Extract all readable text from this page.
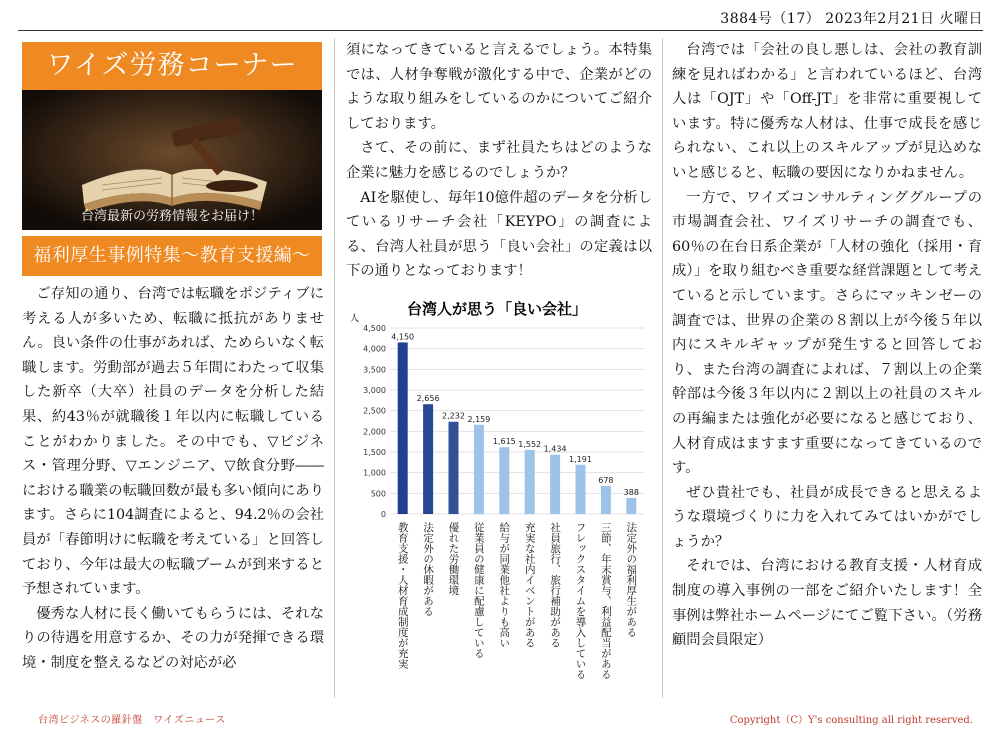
3884号（17） 2023年2月21日 火曜日
ワイズ労務コーナー
台湾最新の労務情報をお届け！
福利厚生事例特集～教育支援編～

ご存知の通り、台湾では転職をポジティブに考える人が多いため、転職に抵抗がありません。良い条件の仕事があれば、ためらいなく転職します。労動部が過去５年間にわたって収集した新卒（大卒）社員のデータを分析した結果、約43％が就職後１年以内に転職していることがわかりました。その中でも、▽ビジネス・管理分野、▽エンジニア、▽飲食分野――における職業の転職回数が最も多い傾向にあります。さらに104調査によると、94.2％の会社員が「春節明けに転職を考えている」と回答しており、今年は最大の転職ブームが到来すると予想されています。

優秀な人材に長く働いてもらうには、それなりの待遇を用意するか、その力が発揮できる環境・制度を整えるなどの対応が必

須になってきていると言えるでしょう。本特集では、人材争奪戦が激化する中で、企業がどのような取り組みをしているのかについてご紹介しております。

さて、その前に、まず社員たちはどのような企業に魅力を感じるのでしょうか？

AIを駆使し、毎年10億件超のデータを分析しているリサーチ会社「KEYPO」の調査による、台湾人社員が思う「良い会社」の定義は以下の通りとなっております！

台湾人が思う「良い会社」
人
0
500
1,000
1,500
2,000
2,500
3,000
3,500
4,000
4,500
4,150
教育支援・人材育成制度が充実
2,656
法定外の休暇がある
2,232
優れた労働環境
2,159
従業員の健康に配慮している
1,615
給与が同業他社よりも高い
1,552
充実な社内イベントがある
1,434
社員旅行、旅行補助がある
1,191
フレックスタイムを導入している
678
三節、年末賞与、利益配当がある
388
法定外の福利厚生がある

台湾では「会社の良し悪しは、会社の教育訓練を見ればわかる」と言われているほど、台湾人は「OJT」や「Off-JT」を非常に重要視しています。特に優秀な人材は、仕事で成長を感じられない、これ以上のスキルアップが見込めないと感じると、転職の要因になりかねません。

一方で、ワイズコンサルティンググループの市場調査会社、ワイズリサーチの調査でも、60％の在台日系企業が「人材の強化（採用・育成）」を取り組むべき重要な経営課題として考えていると示しています。さらにマッキンゼーの調査では、世界の企業の８割以上が今後５年以内にスキルギャップが発生すると回答しており、また台湾の調査によれば、７割以上の企業幹部は今後３年以内に２割以上の社員のスキルの再編または強化が必要になると感じており、人材育成はますます重要になってきているのです。

ぜひ貴社でも、社員が成長できると思えるような環境づくりに力を入れてみてはいかがでしょうか？

それでは、台湾における教育支援・人材育成制度の導入事例の一部をご紹介いたします！全事例は弊社ホームページにてご覧下さい。（労務顧問会員限定）

台湾ビジネスの羅針盤　ワイズニュース	Copyright（C）Y's consulting all right reserved.
